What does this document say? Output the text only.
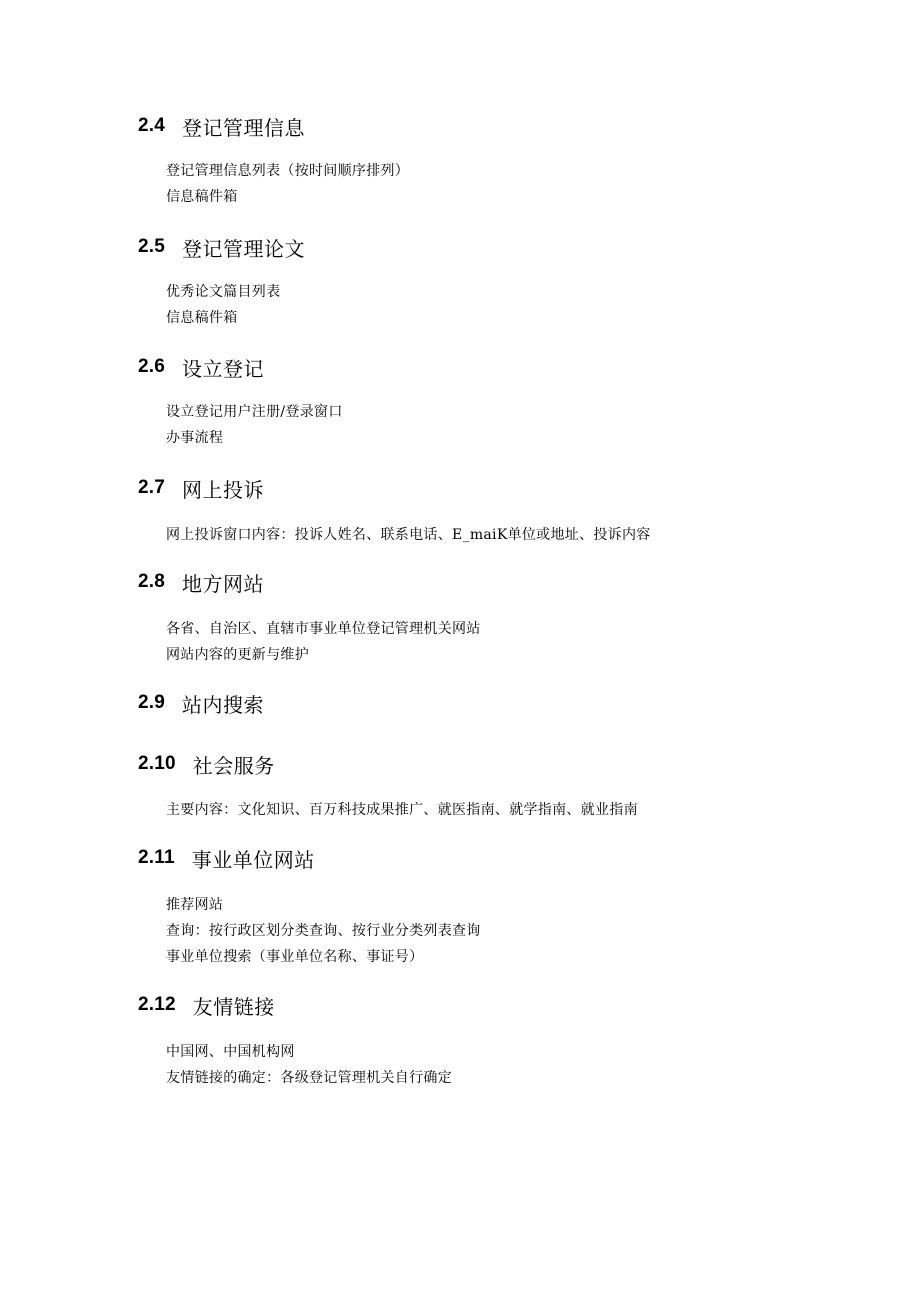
2.4 登记管理信息
登记管理信息列表（按时间顺序排列）
信息稿件箱
2.5 登记管理论文
优秀论文篇目列表
信息稿件箱
2.6 设立登记
设立登记用户注册/登录窗口
办事流程
2.7 网上投诉
网上投诉窗口内容：投诉人姓名、联系电话、E_maiK单位或地址、投诉内容
2.8 地方网站
各省、自治区、直辖市事业单位登记管理机关网站
网站内容的更新与维护
2.9 站内搜索
2.10 社会服务
主要内容：文化知识、百万科技成果推广、就医指南、就学指南、就业指南
2.11 事业单位网站
推荐网站
查询：按行政区划分类查询、按行业分类列表查询
事业单位搜索（事业单位名称、事证号）
2.12 友情链接
中国网、中国机构网
友情链接的确定：各级登记管理机关自行确定
